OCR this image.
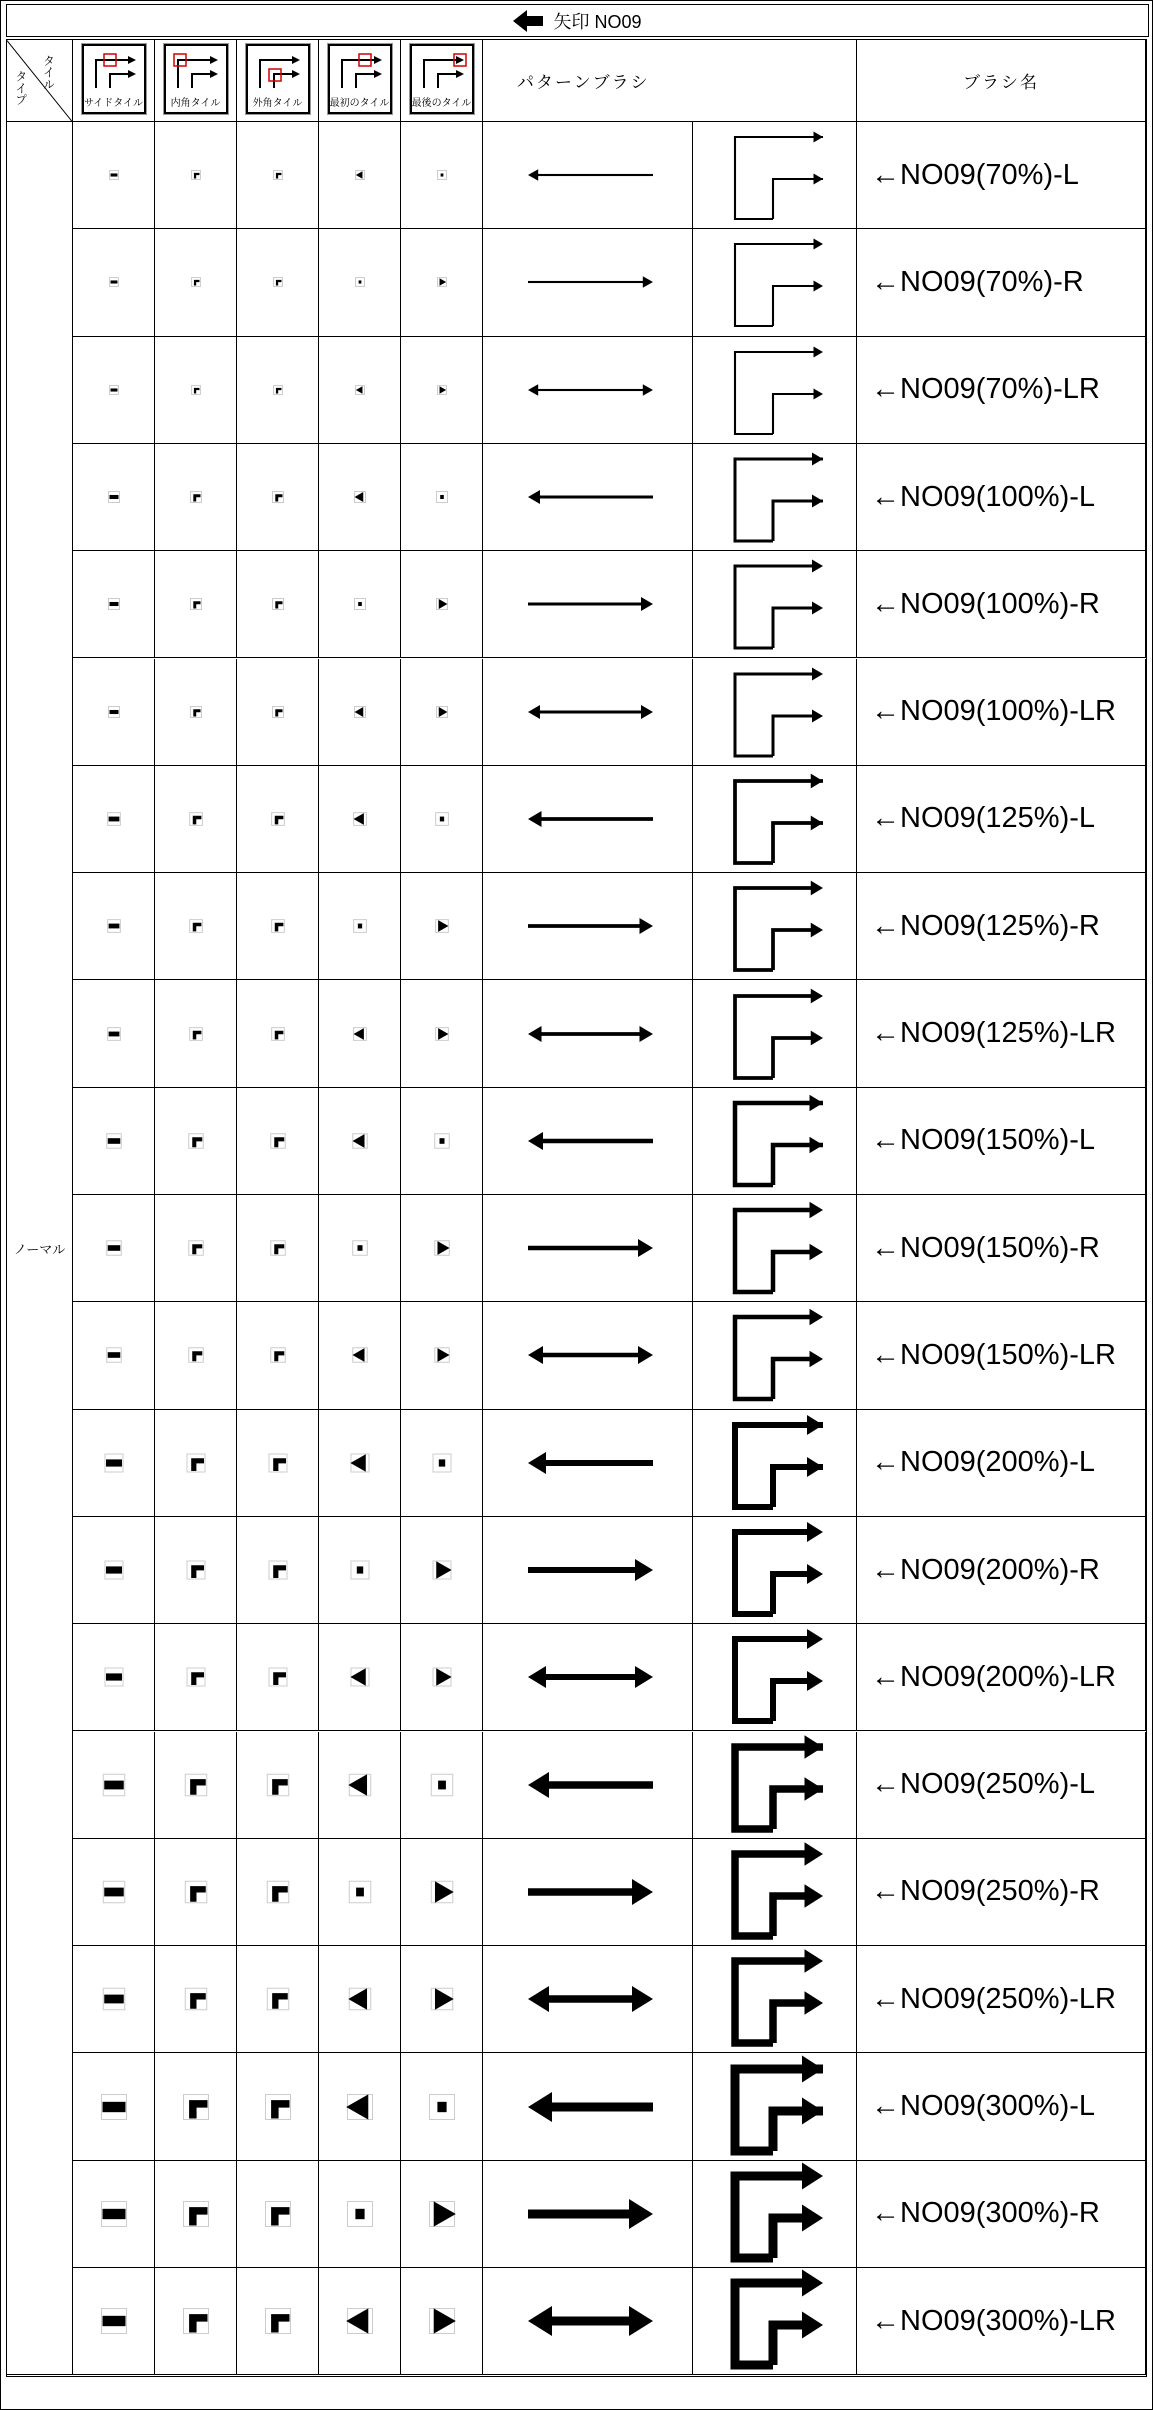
矢印 NO09
タイル
タイプ	サイドタイル	内角タイル	外角タイル	最初のタイル 最後のタイル
パターンブラシ	ブラシ名
ノーマル
←NO09(70%)-L
←NO09(70%)-R
←NO09(70%)-LR
←NO09(100%)-L
←NO09(100%)-R
←NO09(100%)-LR
←NO09(125%)-L
←NO09(125%)-R
←NO09(125%)-LR
←NO09(150%)-L
←NO09(150%)-R
←NO09(150%)-LR
←NO09(200%)-L
←NO09(200%)-R
←NO09(200%)-LR
←NO09(250%)-L
←NO09(250%)-R
←NO09(250%)-LR
←NO09(300%)-L
←NO09(300%)-R
←NO09(300%)-LR
